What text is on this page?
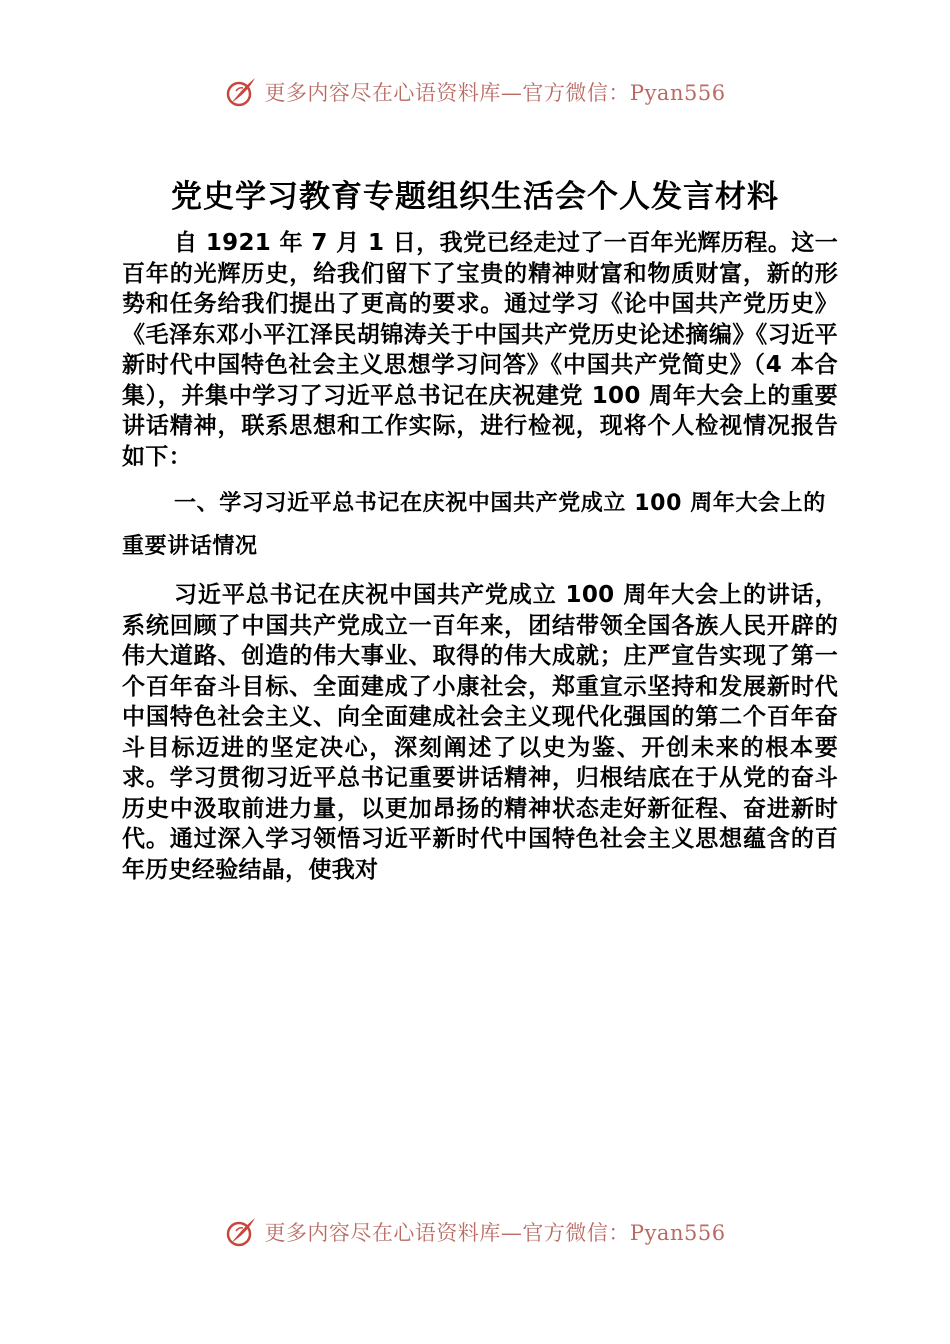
更多内容尽在心语资料库—官方微信：Pyan556
党史学习教育专题组织生活会个人发言材料

自 1921 年 7 月 1 日，我党已经走过了一百年光辉历程。这一百年的光辉历史，给我们留下了宝贵的精神财富和物质财富，新的形势和任务给我们提出了更高的要求。通过学习《论中国共产党历史》《毛泽东邓小平江泽民胡锦涛关于中国共产党历史论述摘编》《习近平新时代中国特色社会主义思想学习问答》《中国共产党简史》（4 本合集），并集中学习了习近平总书记在庆祝建党 100 周年大会上的重要讲话精神，联系思想和工作实际，进行检视，现将个人检视情况报告如下：

一、学习习近平总书记在庆祝中国共产党成立 100 周年大会上的重要讲话情况

习近平总书记在庆祝中国共产党成立 100 周年大会上的讲话，系统回顾了中国共产党成立一百年来，团结带领全国各族人民开辟的伟大道路、创造的伟大事业、取得的伟大成就；庄严宣告实现了第一个百年奋斗目标、全面建成了小康社会，郑重宣示坚持和发展新时代中国特色社会主义、向全面建成社会主义现代化强国的第二个百年奋斗目标迈进的坚定决心，深刻阐述了以史为鉴、开创未来的根本要求。学习贯彻习近平总书记重要讲话精神，归根结底在于从党的奋斗历史中汲取前进力量，以更加昂扬的精神状态走好新征程、奋进新时代。通过深入学习领悟习近平新时代中国特色社会主义思想蕴含的百年历史经验结晶，使我对

更多内容尽在心语资料库—官方微信：Pyan556
